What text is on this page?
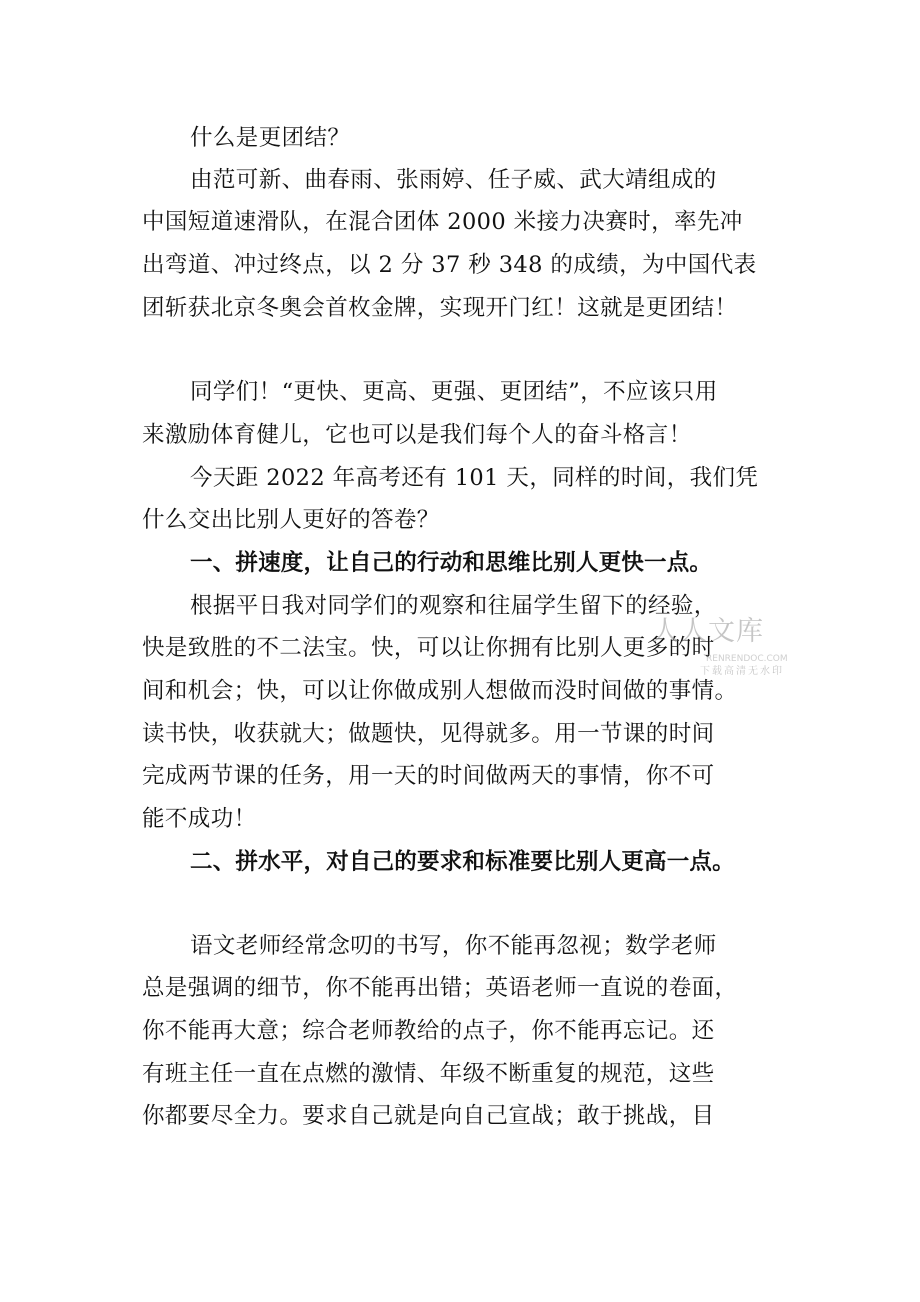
什么是更团结？
由范可新、曲春雨、张雨婷、任子威、武大靖组成的
中国短道速滑队，在混合团体 2000 米接力决赛时，率先冲
出弯道、冲过终点，以 2 分 37 秒 348 的成绩，为中国代表
团斩获北京冬奥会首枚金牌，实现开门红！这就是更团结！
同学们！“更快、更高、更强、更团结”，不应该只用
来激励体育健儿，它也可以是我们每个人的奋斗格言！
今天距 2022 年高考还有 101 天，同样的时间，我们凭
什么交出比别人更好的答卷？
一、拼速度，让自己的行动和思维比别人更快一点。
根据平日我对同学们的观察和往届学生留下的经验，
快是致胜的不二法宝。快，可以让你拥有比别人更多的时
间和机会；快，可以让你做成别人想做而没时间做的事情。
读书快，收获就大；做题快，见得就多。用一节课的时间
完成两节课的任务，用一天的时间做两天的事情，你不可
能不成功！
二、拼水平，对自己的要求和标准要比别人更高一点。
语文老师经常念叨的书写，你不能再忽视；数学老师
总是强调的细节，你不能再出错；英语老师一直说的卷面，
你不能再大意；综合老师教给的点子，你不能再忘记。还
有班主任一直在点燃的激情、年级不断重复的规范，这些
你都要尽全力。要求自己就是向自己宣战；敢于挑战，目
人人文库
RENRENDOC.COM
下载高清无水印
